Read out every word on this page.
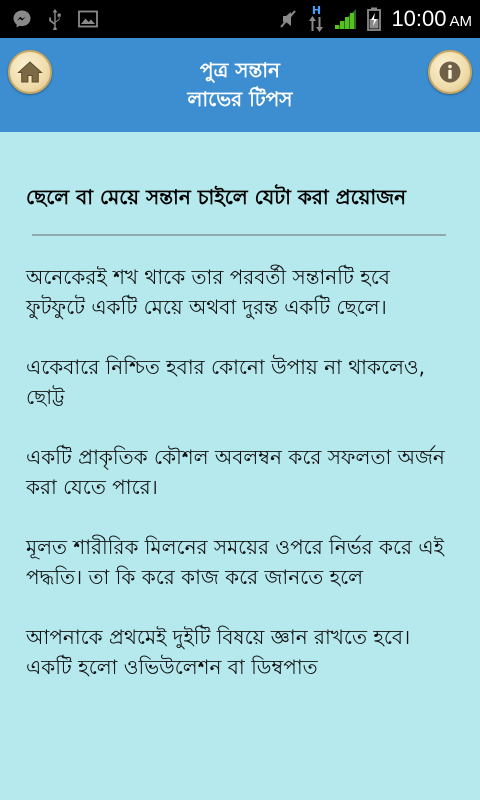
H	10:00 AM
পুত্র সন্তান
লাভের টিপস
ছেলে বা মেয়ে সন্তান চাইলে যেটা করা প্রয়োজন

অনেকেরই শখ থাকে তার পরবর্তী সন্তানটি হবে ফুটফুটে একটি মেয়ে অথবা দুরন্ত একটি ছেলে।

একেবারে নিশ্চিত হবার কোনো উপায় না থাকলেও, ছোট্ট

একটি প্রাকৃতিক কৌশল অবলম্বন করে সফলতা অর্জন করা যেতে পারে।

মূলত শারীরিক মিলনের সময়ের ওপরে নির্ভর করে এই পদ্ধতি। তা কি করে কাজ করে জানতে হলে

আপনাকে প্রথমেই দুইটি বিষয়ে জ্ঞান রাখতে হবে। একটি হলো ওভিউলেশন বা ডিম্বপাত
